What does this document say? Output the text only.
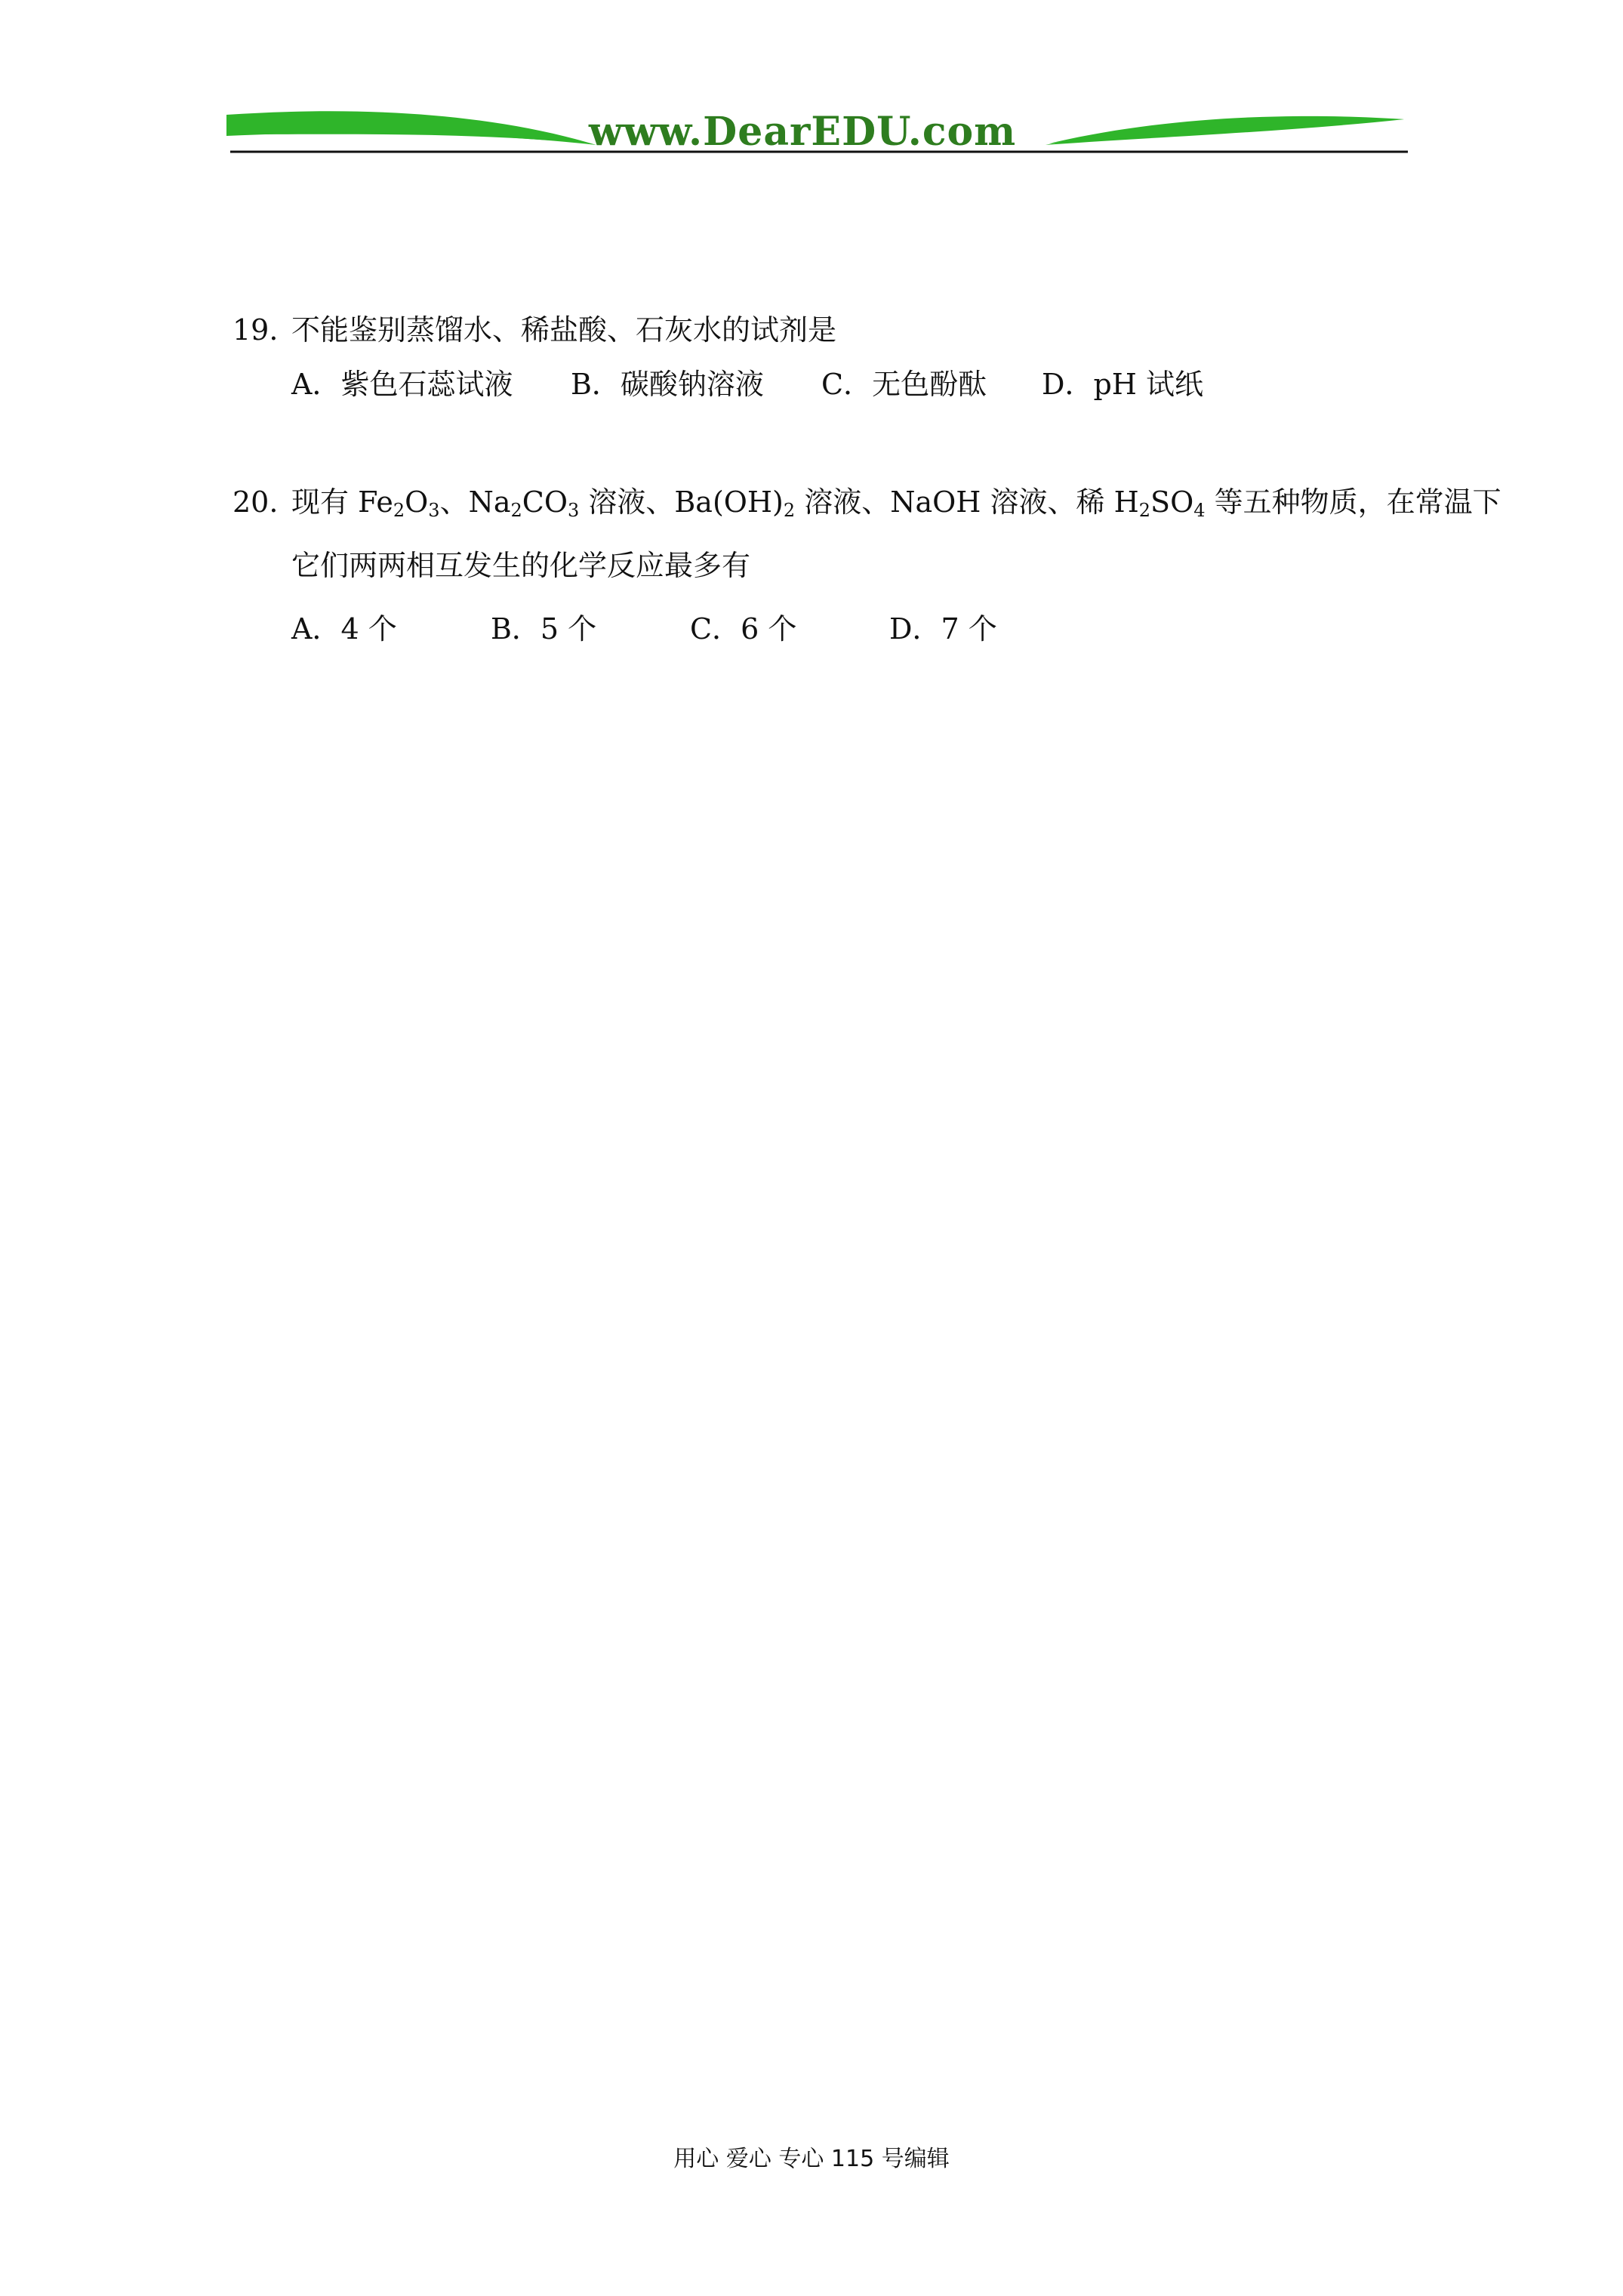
www.DearEDU.com
19. 不能鉴别蒸馏水、稀盐酸、石灰水的试剂是
A．紫色石蕊试液 B．碳酸钠溶液 C．无色酚酞 D．pH 试纸
20. 现有 $Fe_2O_3$、$Na_2CO_3$ 溶液、$Ba(OH)_2$ 溶液、NaOH 溶液、稀 $H_2SO_4$ 等五种物质，在常温下
它们两两相互发生的化学反应最多有
A．4 个	B．5 个	C．6 个	D．7 个
用心 爱心 专心 115 号编辑
